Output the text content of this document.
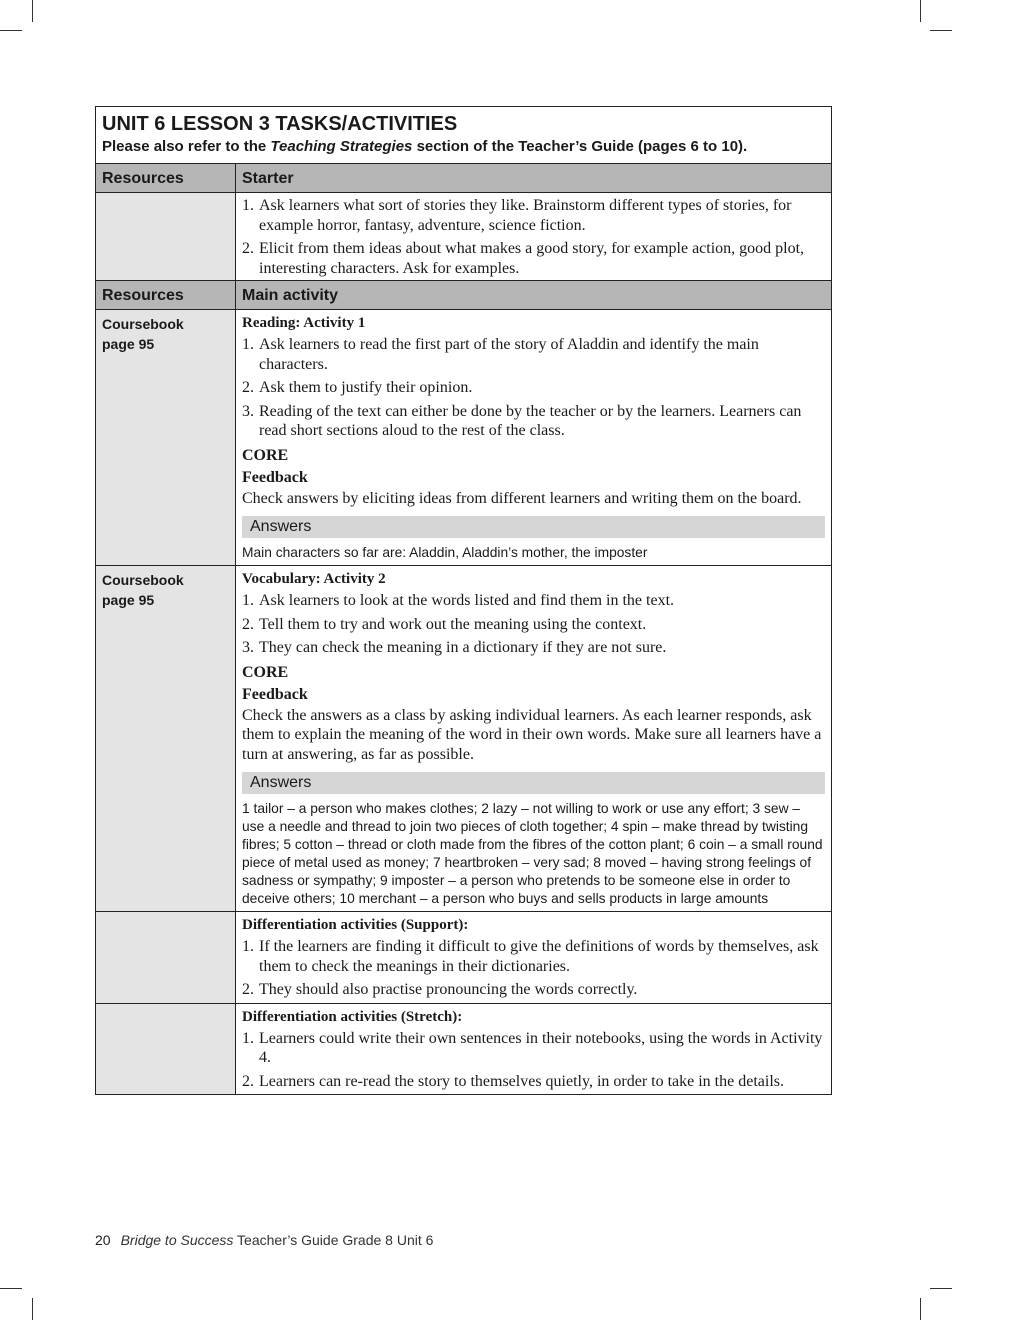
UNIT 6 LESSON 3 TASKS/ACTIVITIES
Please also refer to the Teaching Strategies section of the Teacher’s Guide (pages 6 to 10).
Resources	Starter
1. Ask learners what sort of stories they like. Brainstorm different types of stories, for example horror, fantasy, adventure, science fiction.
2. Elicit from them ideas about what makes a good story, for example action, good plot, interesting characters. Ask for examples.
Resources	Main activity
Coursebook
page 95
Reading: Activity 1
1. Ask learners to read the first part of the story of Aladdin and identify the main characters.
2. Ask them to justify their opinion.
3. Reading of the text can either be done by the teacher or by the learners. Learners can read short sections aloud to the rest of the class.
CORE
Feedback
Check answers by eliciting ideas from different learners and writing them on the board.
Answers
Main characters so far are: Aladdin, Aladdin’s mother, the imposter
Coursebook
page 95
Vocabulary: Activity 2
1. Ask learners to look at the words listed and find them in the text.
2. Tell them to try and work out the meaning using the context.
3. They can check the meaning in a dictionary if they are not sure.
CORE
Feedback
Check the answers as a class by asking individual learners. As each learner responds, ask them to explain the meaning of the word in their own words. Make sure all learners have a turn at answering, as far as possible.
Answers
1 tailor – a person who makes clothes; 2 lazy – not willing to work or use any effort; 3 sew – use a needle and thread to join two pieces of cloth together; 4 spin – make thread by twisting fibres; 5 cotton – thread or cloth made from the fibres of the cotton plant; 6 coin – a small round piece of metal used as money; 7 heartbroken – very sad; 8 moved – having strong feelings of sadness or sympathy; 9 imposter – a person who pretends to be someone else in order to deceive others; 10 merchant – a person who buys and sells products in large amounts
Differentiation activities (Support):
1. If the learners are finding it difficult to give the definitions of words by themselves, ask them to check the meanings in their dictionaries.
2. They should also practise pronouncing the words correctly.
Differentiation activities (Stretch):
1. Learners could write their own sentences in their notebooks, using the words in Activity 4.
2. Learners can re-read the story to themselves quietly, in order to take in the details.
20 Bridge to Success Teacher’s Guide Grade 8 Unit 6
